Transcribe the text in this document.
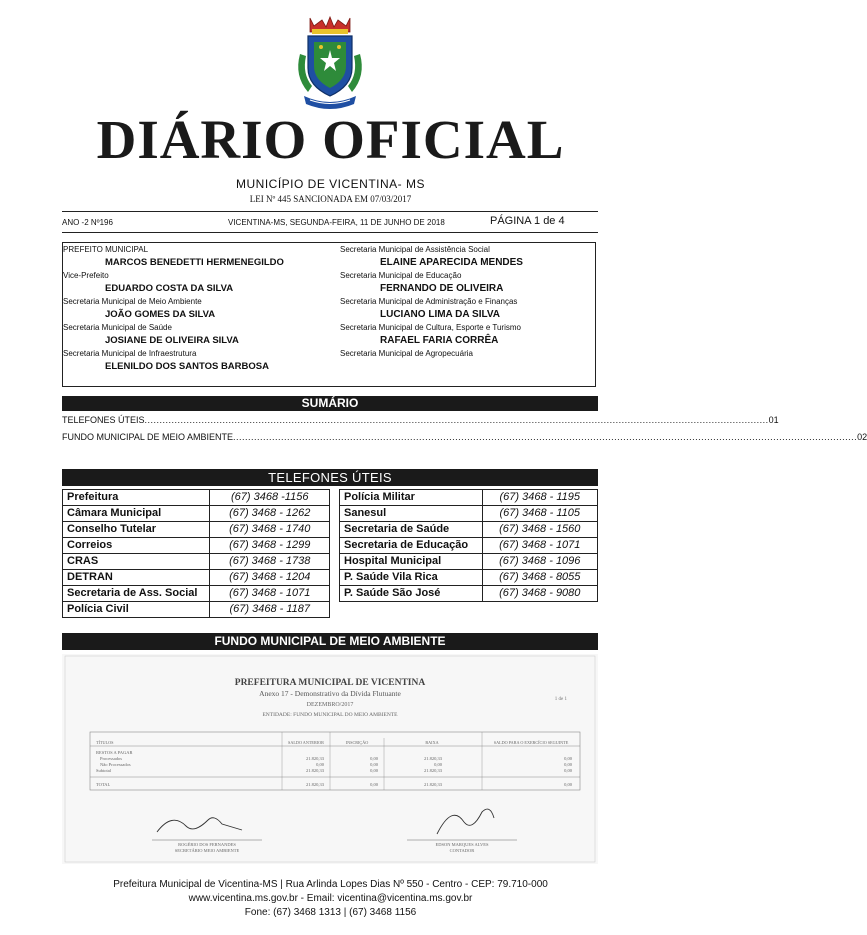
DIÁRIO OFICIAL
MUNICÍPIO DE VICENTINA- MS
LEI Nº 445 SANCIONADA EM 07/03/2017
ANO -2 Nº196	VICENTINA-MS, SEGUNDA-FEIRA, 11 DE JUNHO DE 2018	PÁGINA 1 de 4
PREFEITO MUNICIPAL
MARCOS BENEDETTI HERMENEGILDO
Vice-Prefeito
EDUARDO COSTA DA SILVA
Secretaria Municipal de Meio Ambiente
JOÃO GOMES DA SILVA
Secretaria Municipal de Saúde
JOSIANE DE OLIVEIRA SILVA
Secretaria Municipal de Infraestrutura
ELENILDO DOS SANTOS BARBOSA
Secretaria Municipal de Assistência Social
ELAINE APARECIDA MENDES
Secretaria Municipal de Educação
FERNANDO DE OLIVEIRA
Secretaria Municipal de Administração e Finanças
LUCIANO LIMA DA SILVA
Secretaria Municipal de Cultura, Esporte e Turismo
RAFAEL FARIA CORRÊA
Secretaria Municipal de Agropecuária
SUMÁRIO
TELEFONES ÚTEIS ................................................................................................................................................................................................................ 01
FUNDO MUNICIPAL DE MEIO AMBIENTE ................................................................................................................................................................................................................ 02
TELEFONES ÚTEIS
Prefeitura	(67) 3468 -1156
Câmara Municipal	(67) 3468 - 1262
Conselho Tutelar	(67) 3468 - 1740
Correios	(67) 3468 - 1299
CRAS	(67) 3468 - 1738
DETRAN	(67) 3468 - 1204
Secretaria de Ass. Social	(67) 3468 - 1071
Polícia Civil	(67) 3468 - 1187
Polícia Militar	(67) 3468 - 1195
Sanesul	(67) 3468 - 1105
Secretaria de Saúde	(67) 3468 - 1560
Secretaria de Educação	(67) 3468 - 1071
Hospital Municipal	(67) 3468 - 1096
P. Saúde Vila Rica	(67) 3468 - 8055
P. Saúde São José	(67) 3468 - 9080
FUNDO MUNICIPAL DE MEIO AMBIENTE
PREFEITURA MUNICIPAL DE VICENTINA
Anexo 17 - Demonstrativo da Dívida Flutuante
DEZEMBRO/2017
ENTIDADE: FUNDO MUNICIPAL DO MEIO AMBIENTE
1 de 1
TÍTULOS	SALDO ANTERIOR	INSCRIÇÃO	BAIXA	SALDO PARA O EXERCÍCIO SEGUINTE
RESTOS A PAGAR
Processados	21.820,33	0,00	21.820,33	0,00
Não Processados	0,00	0,00	0,00	0,00
Subtotal	21.820,33	0,00	21.820,33	0,00
TOTAL	21.820,33	0,00	21.820,33	0,00
ROGÉRIO DOS FERNANDES
SECRETÁRIO MEIO AMBIENTE
EDSON MARQUES ALVES
CONTADOR
Prefeitura Municipal de Vicentina-MS | Rua Arlinda Lopes Dias Nº 550 - Centro - CEP: 79.710-000
www.vicentina.ms.gov.br - Email: vicentina@vicentina.ms.gov.br
Fone: (67) 3468 1313 | (67) 3468 1156
